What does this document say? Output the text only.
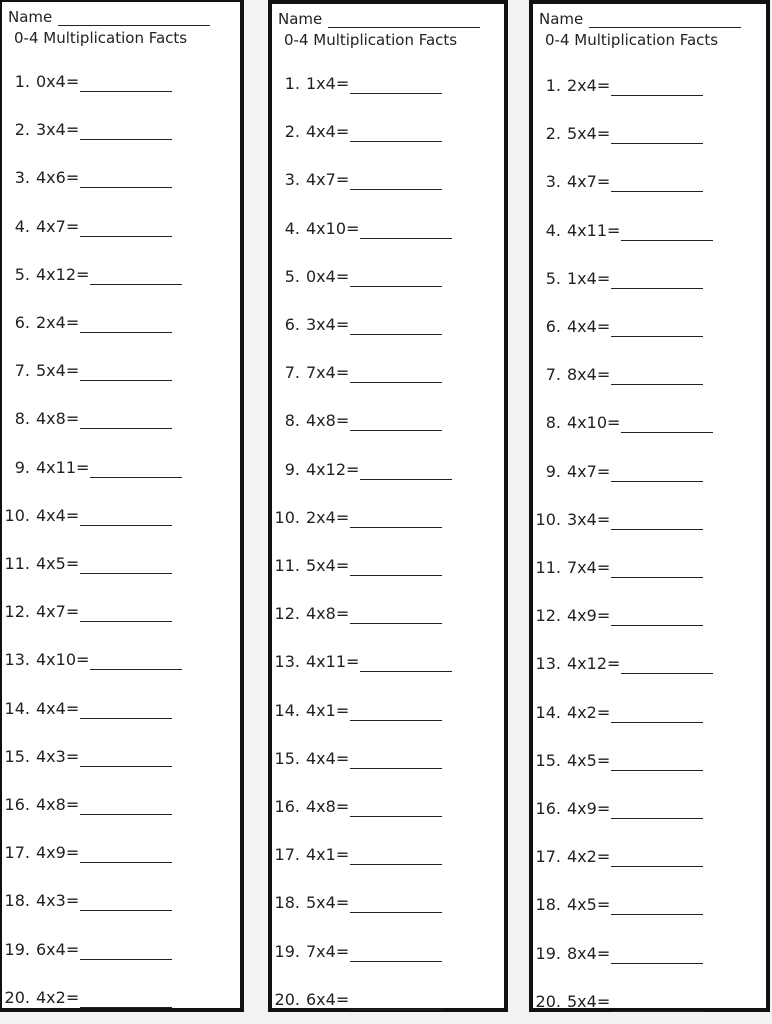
Name
0-4 Multiplication Facts
1. 0x4=
2. 3x4=
3. 4x6=
4. 4x7=
5. 4x12=
6. 2x4=
7. 5x4=
8. 4x8=
9. 4x11=
10. 4x4=
11. 4x5=
12. 4x7=
13. 4x10=
14. 4x4=
15. 4x3=
16. 4x8=
17. 4x9=
18. 4x3=
19. 6x4=
20. 4x2=
Name
0-4 Multiplication Facts
1. 1x4=
2. 4x4=
3. 4x7=
4. 4x10=
5. 0x4=
6. 3x4=
7. 7x4=
8. 4x8=
9. 4x12=
10. 2x4=
11. 5x4=
12. 4x8=
13. 4x11=
14. 4x1=
15. 4x4=
16. 4x8=
17. 4x1=
18. 5x4=
19. 7x4=
20. 6x4=
Name
0-4 Multiplication Facts
1. 2x4=
2. 5x4=
3. 4x7=
4. 4x11=
5. 1x4=
6. 4x4=
7. 8x4=
8. 4x10=
9. 4x7=
10. 3x4=
11. 7x4=
12. 4x9=
13. 4x12=
14. 4x2=
15. 4x5=
16. 4x9=
17. 4x2=
18. 4x5=
19. 8x4=
20. 5x4=
